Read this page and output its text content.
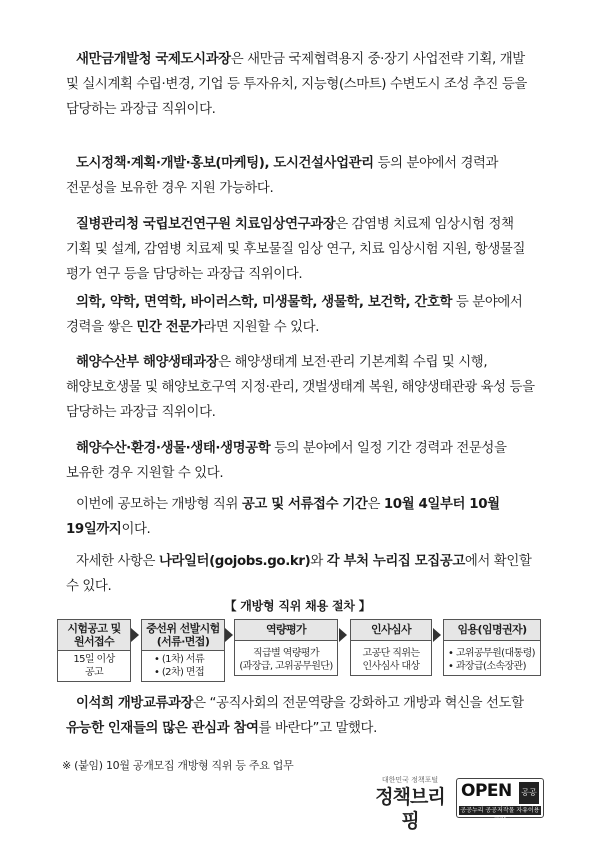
새만금개발청 국제도시과장은 새만금 국제협력용지 중·장기 사업전략 기획, 개발 및 실시계획 수립·변경, 기업 등 투자유치, 지능형(스마트) 수변도시 조성 추진 등을 담당하는 과장급 직위이다.
도시정책·계획·개발·홍보(마케팅), 도시건설사업관리 등의 분야에서 경력과 전문성을 보유한 경우 지원 가능하다.
질병관리청 국립보건연구원 치료임상연구과장은 감염병 치료제 임상시험 정책 기획 및 설계, 감염병 치료제 및 후보물질 임상 연구, 치료 임상시험 지원, 항생물질 평가 연구 등을 담당하는 과장급 직위이다.
의학, 약학, 면역학, 바이러스학, 미생물학, 생물학, 보건학, 간호학 등 분야에서 경력을 쌓은 민간 전문가라면 지원할 수 있다.
해양수산부 해양생태과장은 해양생태계 보전·관리 기본계획 수립 및 시행, 해양보호생물 및 해양보호구역 지정·관리, 갯벌생태계 복원, 해양생태관광 육성 등을 담당하는 과장급 직위이다.
해양수산·환경·생물·생태·생명공학 등의 분야에서 일정 기간 경력과 전문성을 보유한 경우 지원할 수 있다.
이번에 공모하는 개방형 직위 공고 및 서류접수 기간은 10월 4일부터 10월 19일까지이다.
자세한 사항은 나라일터(gojobs.go.kr)와 각 부처 누리집 모집공고에서 확인할 수 있다.
【 개방형 직위 채용 절차 】
시험공고 및
원서접수
15일 이상
공고
중선위 선발시험
(서류·면접)
• (1차) 서류
• (2차) 면접
역량평가
직급별 역량평가
(과장급, 고위공무원단)
인사심사
고공단 직위는
인사심사 대상
임용(임명권자)
• 고위공무원(대통령)
• 과장급(소속장관)
이석희 개방교류과장은 “공직사회의 전문역량을 강화하고 개방과 혁신을 선도할 유능한 인재들의 많은 관심과 참여를 바란다”고 말했다.
※ (붙임) 10월 공개모집 개방형 직위 등 주요 업무
대한민국 정책포털
정책브리핑
OPEN 공공
공공누리 공공저작물 자유이용허락
